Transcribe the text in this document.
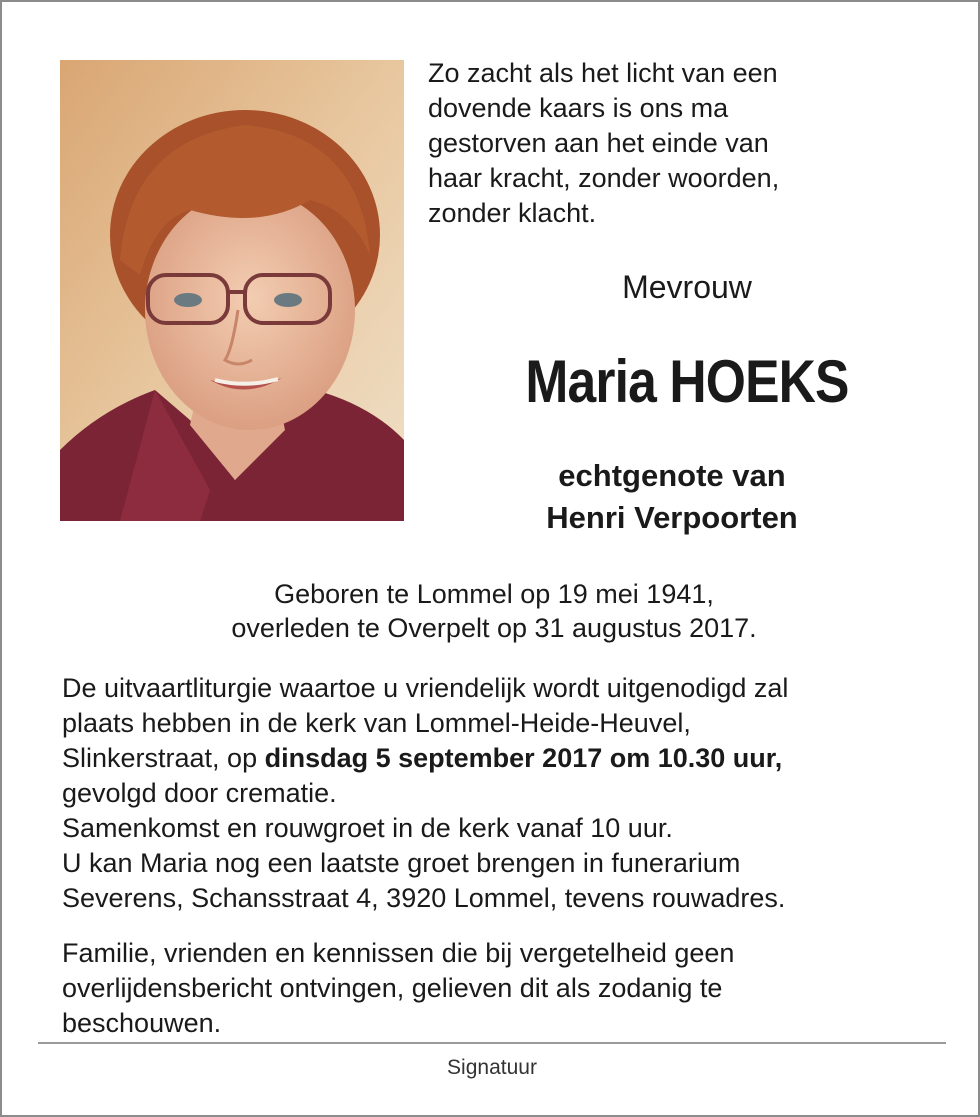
Zo zacht als het licht van een
dovende kaars is ons ma
gestorven aan het einde van
haar kracht, zonder woorden,
zonder klacht.
Mevrouw
Maria HOEKS
echtgenote van
Henri Verpoorten
Geboren te Lommel op 19 mei 1941,
overleden te Overpelt op 31 augustus 2017.
De uitvaartliturgie waartoe u vriendelijk wordt uitgenodigd zal
plaats hebben in de kerk van Lommel-Heide-Heuvel,
Slinkerstraat, op dinsdag 5 september 2017 om 10.30 uur,
gevolgd door crematie.
Samenkomst en rouwgroet in de kerk vanaf 10 uur.
U kan Maria nog een laatste groet brengen in funerarium
Severens, Schansstraat 4, 3920 Lommel, tevens rouwadres.
Familie, vrienden en kennissen die bij vergetelheid geen
overlijdensbericht ontvingen, gelieven dit als zodanig te
beschouwen.
Signatuur
